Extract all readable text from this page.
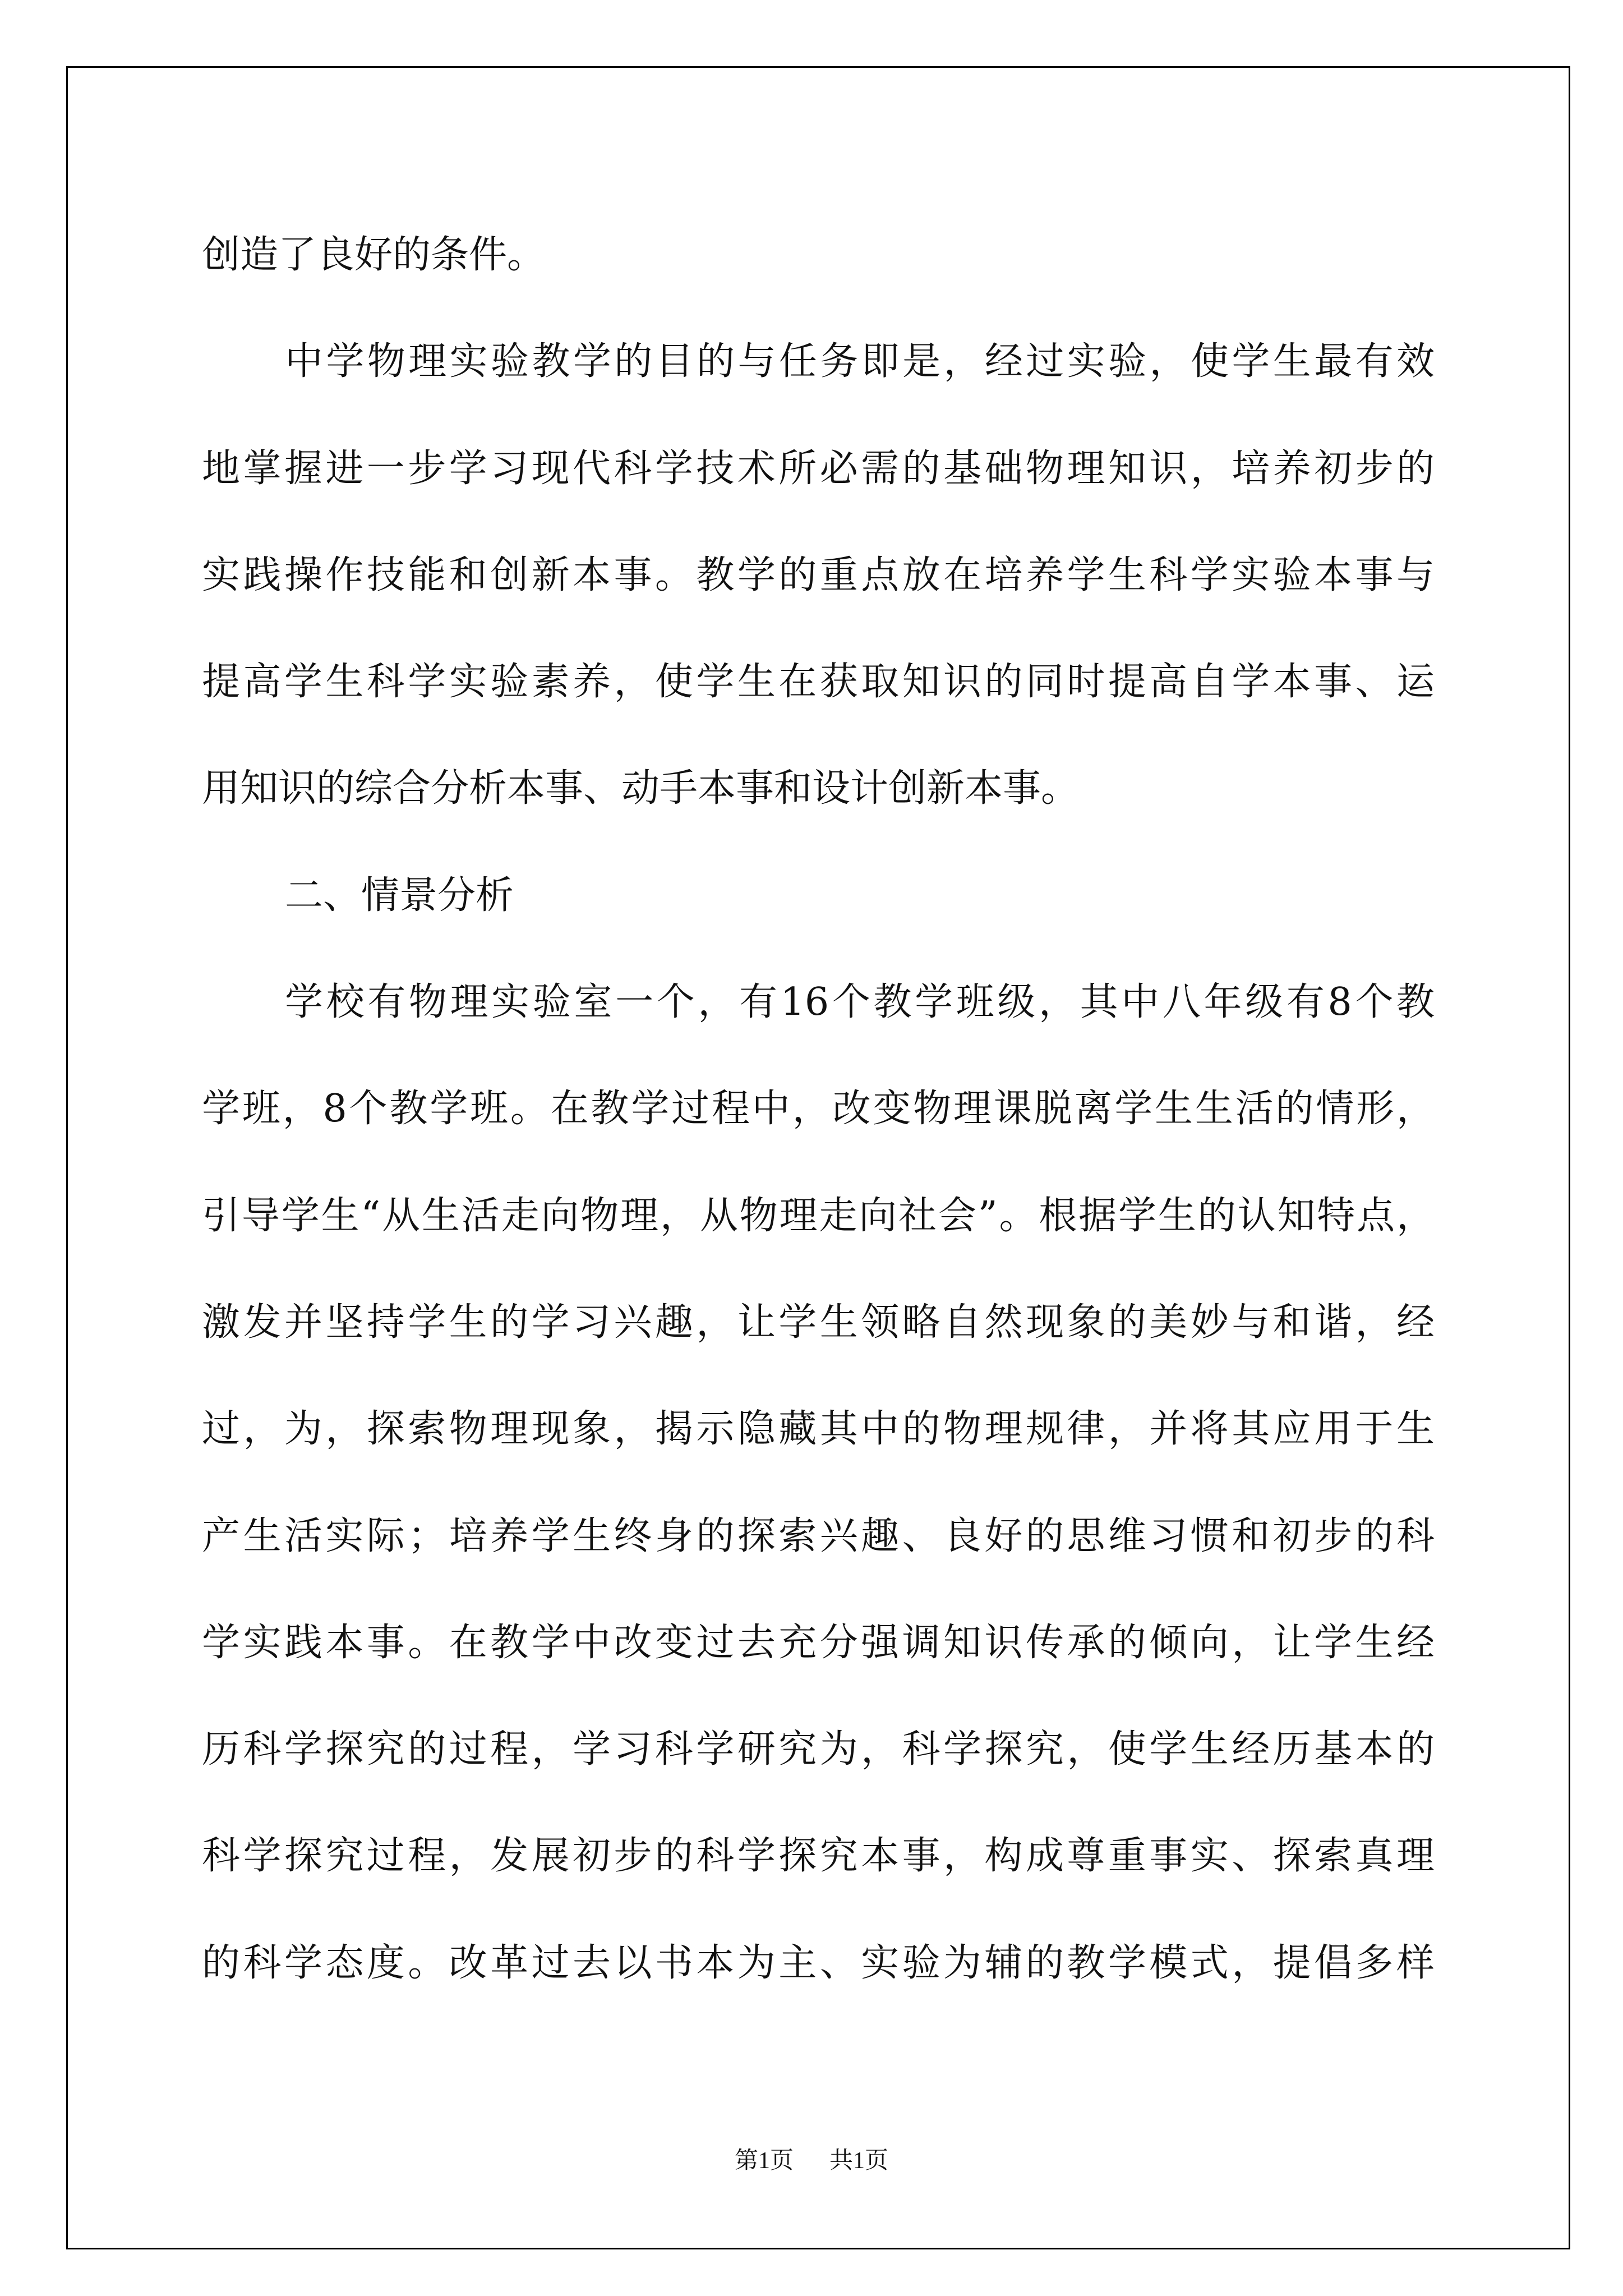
创造了良好的条件。
中学物理实验教学的目的与任务即是，经过实验，使学生最有效
地掌握进一步学习现代科学技术所必需的基础物理知识，培养初步的
实践操作技能和创新本事。教学的重点放在培养学生科学实验本事与
提高学生科学实验素养，使学生在获取知识的同时提高自学本事、运
用知识的综合分析本事、动手本事和设计创新本事。
二、情景分析
学校有物理实验室一个，有16个教学班级，其中八年级有8个教
学班，8个教学班。在教学过程中，改变物理课脱离学生生活的情形，
引导学生“从生活走向物理，从物理走向社会”。根据学生的认知特点，
激发并坚持学生的学习兴趣，让学生领略自然现象的美妙与和谐，经
过，为，探索物理现象，揭示隐藏其中的物理规律，并将其应用于生
产生活实际；培养学生终身的探索兴趣、良好的思维习惯和初步的科
学实践本事。在教学中改变过去充分强调知识传承的倾向，让学生经
历科学探究的过程，学习科学研究为，科学探究，使学生经历基本的
科学探究过程，发展初步的科学探究本事，构成尊重事实、探索真理
的科学态度。改革过去以书本为主、实验为辅的教学模式，提倡多样
第1页 共1页
